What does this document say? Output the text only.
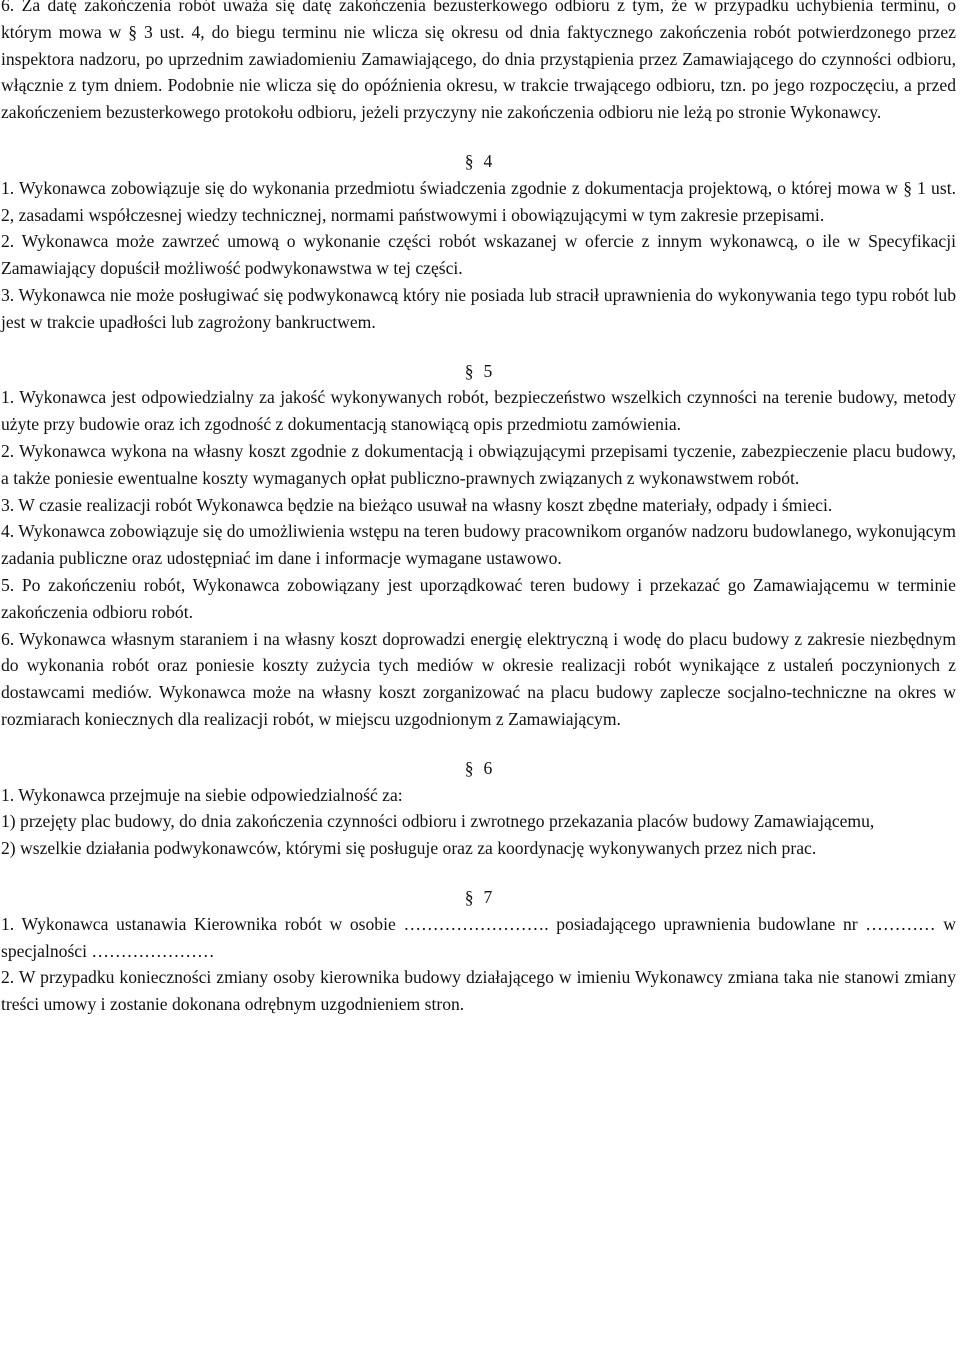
6. Za datę zakończenia robót uważa się datę zakończenia bezusterkowego odbioru z tym, że w przypadku uchybienia terminu, o którym mowa w § 3 ust. 4, do biegu terminu nie wlicza się okresu od dnia faktycznego zakończenia robót potwierdzonego przez inspektora nadzoru, po uprzednim zawiadomieniu Zamawiającego, do dnia przystąpienia przez Zamawiającego do czynności odbioru, włącznie z tym dniem. Podobnie nie wlicza się do opóźnienia okresu, w trakcie trwającego odbioru, tzn. po jego rozpoczęciu, a przed zakończeniem bezusterkowego protokołu odbioru, jeżeli przyczyny nie zakończenia odbioru nie leżą po stronie Wykonawcy.

§ 4

1. Wykonawca zobowiązuje się do wykonania przedmiotu świadczenia zgodnie z dokumentacja projektową, o której mowa w § 1 ust. 2, zasadami współczesnej wiedzy technicznej, normami państwowymi i obowiązującymi w tym zakresie przepisami.

2. Wykonawca może zawrzeć umową o wykonanie części robót wskazanej w ofercie z innym wykonawcą, o ile w Specyfikacji Zamawiający dopuścił możliwość podwykonawstwa w tej części.

3. Wykonawca nie może posługiwać się podwykonawcą który nie posiada lub stracił uprawnienia do wykonywania tego typu robót lub jest w trakcie upadłości lub zagrożony bankructwem.

§ 5

1. Wykonawca jest odpowiedzialny za jakość wykonywanych robót, bezpieczeństwo wszelkich czynności na terenie budowy, metody użyte przy budowie oraz ich zgodność z dokumentacją stanowiącą opis przedmiotu zamówienia.

2. Wykonawca wykona na własny koszt zgodnie z dokumentacją i obwiązującymi przepisami tyczenie, zabezpieczenie placu budowy, a także poniesie ewentualne koszty wymaganych opłat publiczno-prawnych związanych z wykonawstwem robót.

3. W czasie realizacji robót Wykonawca będzie na bieżąco usuwał na własny koszt zbędne materiały, odpady i śmieci.

4. Wykonawca zobowiązuje się do umożliwienia wstępu na teren budowy pracownikom organów nadzoru budowlanego, wykonującym zadania publiczne oraz udostępniać im dane i informacje wymagane ustawowo.

5. Po zakończeniu robót, Wykonawca zobowiązany jest uporządkować teren budowy i przekazać go Zamawiającemu w terminie zakończenia odbioru robót.

6. Wykonawca własnym staraniem i na własny koszt doprowadzi energię elektryczną i wodę do placu budowy z zakresie niezbędnym do wykonania robót oraz poniesie koszty zużycia tych mediów w okresie realizacji robót wynikające z ustaleń poczynionych z dostawcami mediów. Wykonawca może na własny koszt zorganizować na placu budowy zaplecze socjalno-techniczne na okres w rozmiarach koniecznych dla realizacji robót, w miejscu uzgodnionym z Zamawiającym.

§ 6

1. Wykonawca przejmuje na siebie odpowiedzialność za:

1) przejęty plac budowy, do dnia zakończenia czynności odbioru i zwrotnego przekazania placów budowy Zamawiającemu,

2) wszelkie działania podwykonawców, którymi się posługuje oraz za koordynację wykonywanych przez nich prac.

§ 7

1. Wykonawca ustanawia Kierownika robót w osobie ……………………. posiadającego uprawnienia budowlane nr ………… w specjalności …………………

2. W przypadku konieczności zmiany osoby kierownika budowy działającego w imieniu Wykonawcy zmiana taka nie stanowi zmiany treści umowy i zostanie dokonana odrębnym uzgodnieniem stron.
